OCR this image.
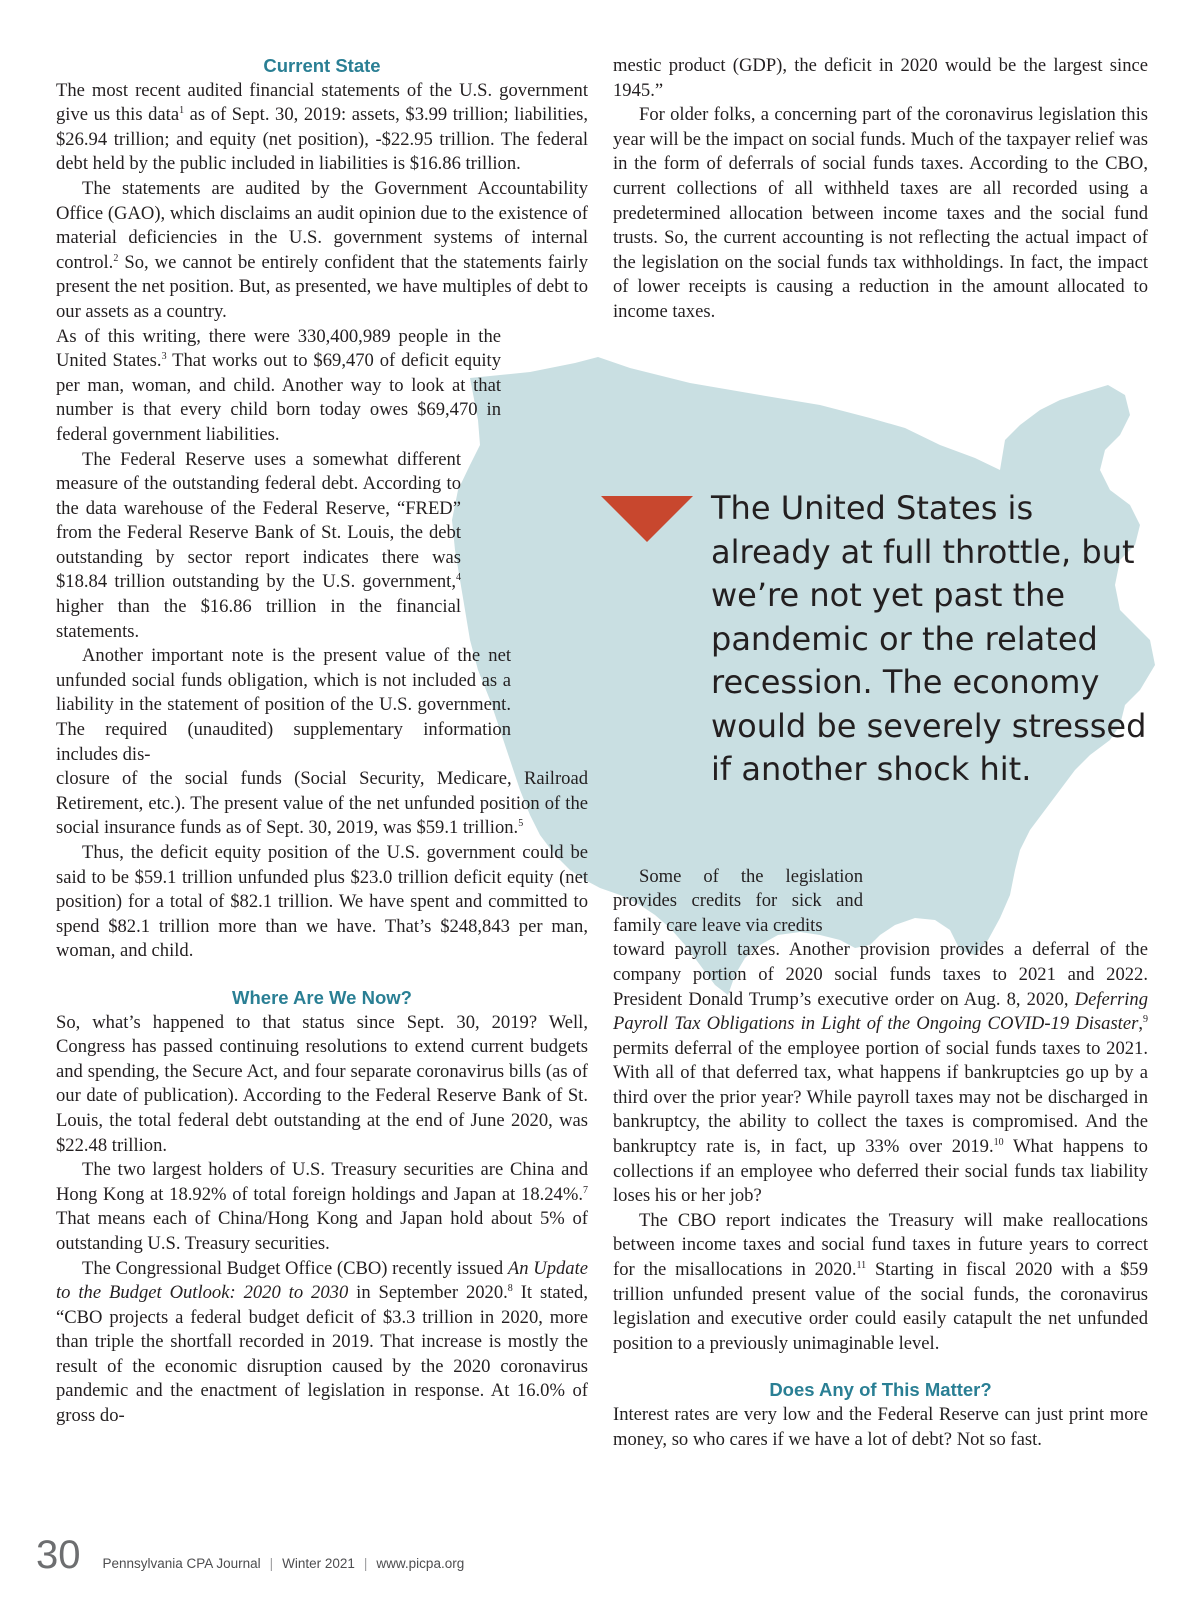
Current State

The most recent audited financial statements of the U.S. government give us this data$^1$ as of Sept. 30, 2019: assets, $3.99 trillion; liabilities, $26.94 trillion; and equity (net position), -$22.95 trillion. The federal debt held by the public included in liabilities is $16.86 trillion.

The statements are audited by the Government Accountability Office (GAO), which disclaims an audit opinion due to the existence of material deficiencies in the U.S. government systems of internal control.$^2$ So, we cannot be entirely confident that the statements fairly present the net position. But, as presented, we have multiples of debt to our assets as a country.

As of this writing, there were 330,400,989 people in the United States.$^3$ That works out to $69,470 of deficit equity per man, woman, and child. Another way to look at that number is that every child born today owes $69,470 in federal government liabilities.

The Federal Reserve uses a somewhat different measure of the outstanding federal debt. According to the data warehouse of the Federal Reserve, “FRED” from the Federal Reserve Bank of St. Louis, the debt outstanding by sector report indicates there was $18.84 trillion outstanding by the U.S. government,$^4$ higher than the $16.86 trillion in the financial statements.

Another important note is the present value of the net unfunded social funds obligation, which is not included as a liability in the statement of position of the U.S. government. The required (unaudited) supplementary information includes dis-

closure of the social funds (Social Security, Medicare, Railroad Retirement, etc.). The present value of the net unfunded position of the social insurance funds as of Sept. 30, 2019, was $59.1 trillion.$^5$

Thus, the deficit equity position of the U.S. government could be said to be $59.1 trillion unfunded plus $23.0 trillion deficit equity (net position) for a total of $82.1 trillion. We have spent and committed to spend $82.1 trillion more than we have. That’s $248,843 per man, woman, and child.

Where Are We Now?

So, what’s happened to that status since Sept. 30, 2019? Well, Congress has passed continuing resolutions to extend current budgets and spending, the Secure Act, and four separate coronavirus bills (as of our date of publication). According to the Federal Reserve Bank of St. Louis, the total federal debt outstanding at the end of June 2020, was $22.48 trillion.

The two largest holders of U.S. Treasury securities are China and Hong Kong at 18.92% of total foreign holdings and Japan at 18.24%.$^7$ That means each of China/Hong Kong and Japan hold about 5% of outstanding U.S. Treasury securities.

The Congressional Budget Office (CBO) recently issued An Update to the Budget Outlook: 2020 to 2030 in September 2020.$^8$ It stated, “CBO projects a federal budget deficit of $3.3 trillion in 2020, more than triple the shortfall recorded in 2019. That increase is mostly the result of the economic disruption caused by the 2020 coronavirus pandemic and the enactment of legislation in response. At 16.0% of gross do-

mestic product (GDP), the deficit in 2020 would be the largest since 1945.”

For older folks, a concerning part of the coronavirus legislation this year will be the impact on social funds. Much of the taxpayer relief was in the form of deferrals of social funds taxes. According to the CBO, current collections of all withheld taxes are all recorded using a predetermined allocation between income taxes and the social fund trusts. So, the current accounting is not reflecting the actual impact of the legislation on the social funds tax withholdings. In fact, the impact of lower receipts is causing a reduction in the amount allocated to income taxes.

Some of the legislation provides credits for sick and family care leave via credits

toward payroll taxes. Another provision provides a deferral of the company portion of 2020 social funds taxes to 2021 and 2022. President Donald Trump’s executive order on Aug. 8, 2020, Deferring Payroll Tax Obligations in Light of the Ongoing COVID-19 Disaster,$^9$ permits deferral of the employee portion of social funds taxes to 2021. With all of that deferred tax, what happens if bankruptcies go up by a third over the prior year? While payroll taxes may not be discharged in bankruptcy, the ability to collect the taxes is compromised. And the bankruptcy rate is, in fact, up 33% over 2019.10 What happens to collections if an employee who deferred their social funds tax liability loses his or her job?

The CBO report indicates the Treasury will make reallocations between income taxes and social fund taxes in future years to correct for the misallocations in 2020.11 Starting in fiscal 2020 with a $59 trillion unfunded present value of the social funds, the coronavirus legislation and executive order could easily catapult the net unfunded position to a previously unimaginable level.

Does Any of This Matter?

Interest rates are very low and the Federal Reserve can just print more money, so who cares if we have a lot of debt? Not so fast.

The United States is already at full throttle, but we’re not yet past the pandemic or the related recession. The economy would be severely stressed if another shock hit.
30 Pennsylvania CPA Journal | Winter 2021 | www.picpa.org
